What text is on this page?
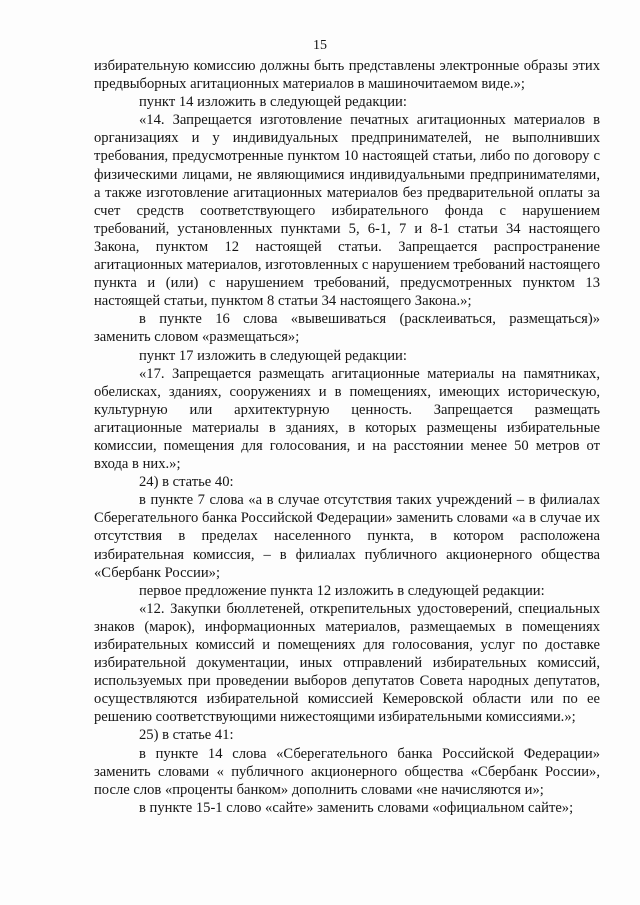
15

избирательную комиссию должны быть представлены электронные образы этих предвыборных агитационных материалов в машиночитаемом виде.»;

пункт 14 изложить в следующей редакции:

«14. Запрещается изготовление печатных агитационных материалов в организациях и у индивидуальных предпринимателей, не выполнивших требования, предусмотренные пунктом 10 настоящей статьи, либо по договору с физическими лицами, не являющимися индивидуальными предпринимателями, а также изготовление агитационных материалов без предварительной оплаты за счет средств соответствующего избирательного фонда с нарушением требований, установленных пунктами 5, 6-1, 7 и 8-1 статьи 34 настоящего Закона, пунктом 12 настоящей статьи. Запрещается распространение агитационных материалов, изготовленных с нарушением требований настоящего пункта и (или) с нарушением требований, предусмотренных пунктом 13 настоящей статьи, пунктом 8 статьи 34 настоящего Закона.»;

в пункте 16 слова «вывешиваться (расклеиваться, размещаться)» заменить словом «размещаться»;

пункт 17 изложить в следующей редакции:

«17. Запрещается размещать агитационные материалы на памятниках, обелисках, зданиях, сооружениях и в помещениях, имеющих историческую, культурную или архитектурную ценность. Запрещается размещать агитационные материалы в зданиях, в которых размещены избирательные комиссии, помещения для голосования, и на расстоянии менее 50 метров от входа в них.»;

24) в статье 40:

в пункте 7 слова «а в случае отсутствия таких учреждений – в филиалах Сберегательного банка Российской Федерации» заменить словами «а в случае их отсутствия в пределах населенного пункта, в котором расположена избирательная комиссия, – в филиалах публичного акционерного общества «Сбербанк России»;

первое предложение пункта 12 изложить в следующей редакции:

«12. Закупки бюллетеней, открепительных удостоверений, специальных знаков (марок), информационных материалов, размещаемых в помещениях избирательных комиссий и помещениях для голосования, услуг по доставке избирательной документации, иных отправлений избирательных комиссий, используемых при проведении выборов депутатов Совета народных депутатов, осуществляются избирательной комиссией Кемеровской области или по ее решению соответствующими нижестоящими избирательными комиссиями.»;

25) в статье 41:

в пункте 14 слова «Сберегательного банка Российской Федерации» заменить словами « публичного акционерного общества «Сбербанк России», после слов «проценты банком» дополнить словами «не начисляются и»;

в пункте 15-1 слово «сайте» заменить словами «официальном сайте»;
